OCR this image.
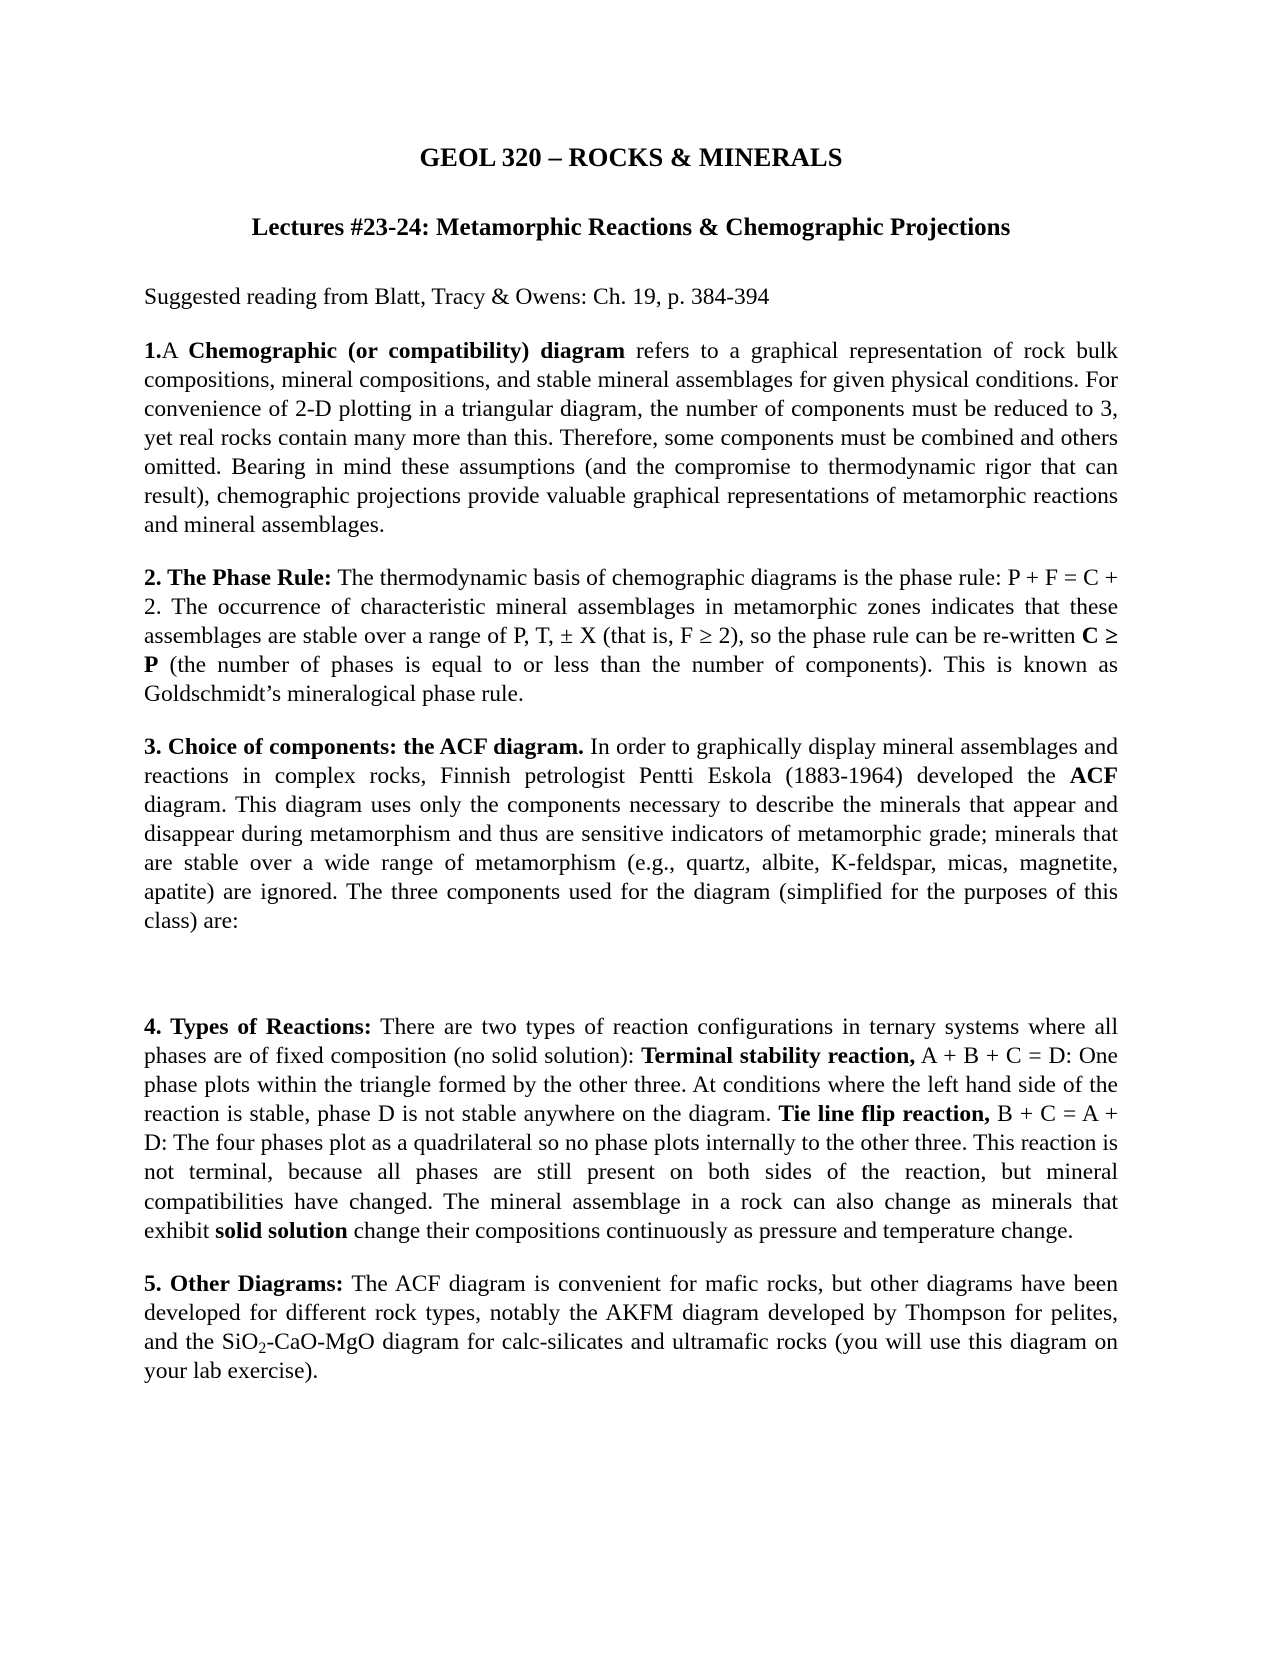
GEOL 320 – ROCKS & MINERALS
Lectures #23-24: Metamorphic Reactions & Chemographic Projections

Suggested reading from Blatt, Tracy & Owens: Ch. 19, p. 384-394

1.A Chemographic (or compatibility) diagram refers to a graphical representation of rock bulk compositions, mineral compositions, and stable mineral assemblages for given physical conditions. For convenience of 2-D plotting in a triangular diagram, the number of components must be reduced to 3, yet real rocks contain many more than this. Therefore, some components must be combined and others omitted. Bearing in mind these assumptions (and the compromise to thermodynamic rigor that can result), chemographic projections provide valuable graphical representations of metamorphic reactions and mineral assemblages.

2. The Phase Rule: The thermodynamic basis of chemographic diagrams is the phase rule: P + F = C + 2. The occurrence of characteristic mineral assemblages in metamorphic zones indicates that these assemblages are stable over a range of P, T, ± X (that is, F ≥ 2), so the phase rule can be re-written C ≥ P (the number of phases is equal to or less than the number of components). This is known as Goldschmidt’s mineralogical phase rule.

3. Choice of components: the ACF diagram. In order to graphically display mineral assemblages and reactions in complex rocks, Finnish petrologist Pentti Eskola (1883-1964) developed the ACF diagram. This diagram uses only the components necessary to describe the minerals that appear and disappear during metamorphism and thus are sensitive indicators of metamorphic grade; minerals that are stable over a wide range of metamorphism (e.g., quartz, albite, K-feldspar, micas, magnetite, apatite) are ignored. The three components used for the diagram (simplified for the purposes of this class) are:

4. Types of Reactions: There are two types of reaction configurations in ternary systems where all phases are of fixed composition (no solid solution): Terminal stability reaction, A + B + C = D: One phase plots within the triangle formed by the other three. At conditions where the left hand side of the reaction is stable, phase D is not stable anywhere on the diagram. Tie line flip reaction, B + C = A + D: The four phases plot as a quadrilateral so no phase plots internally to the other three. This reaction is not terminal, because all phases are still present on both sides of the reaction, but mineral compatibilities have changed. The mineral assemblage in a rock can also change as minerals that exhibit solid solution change their compositions continuously as pressure and temperature change.

5. Other Diagrams: The ACF diagram is convenient for mafic rocks, but other diagrams have been developed for different rock types, notably the AKFM diagram developed by Thompson for pelites, and the SiO$_2$-CaO-MgO diagram for calc-silicates and ultramafic rocks (you will use this diagram on your lab exercise).
